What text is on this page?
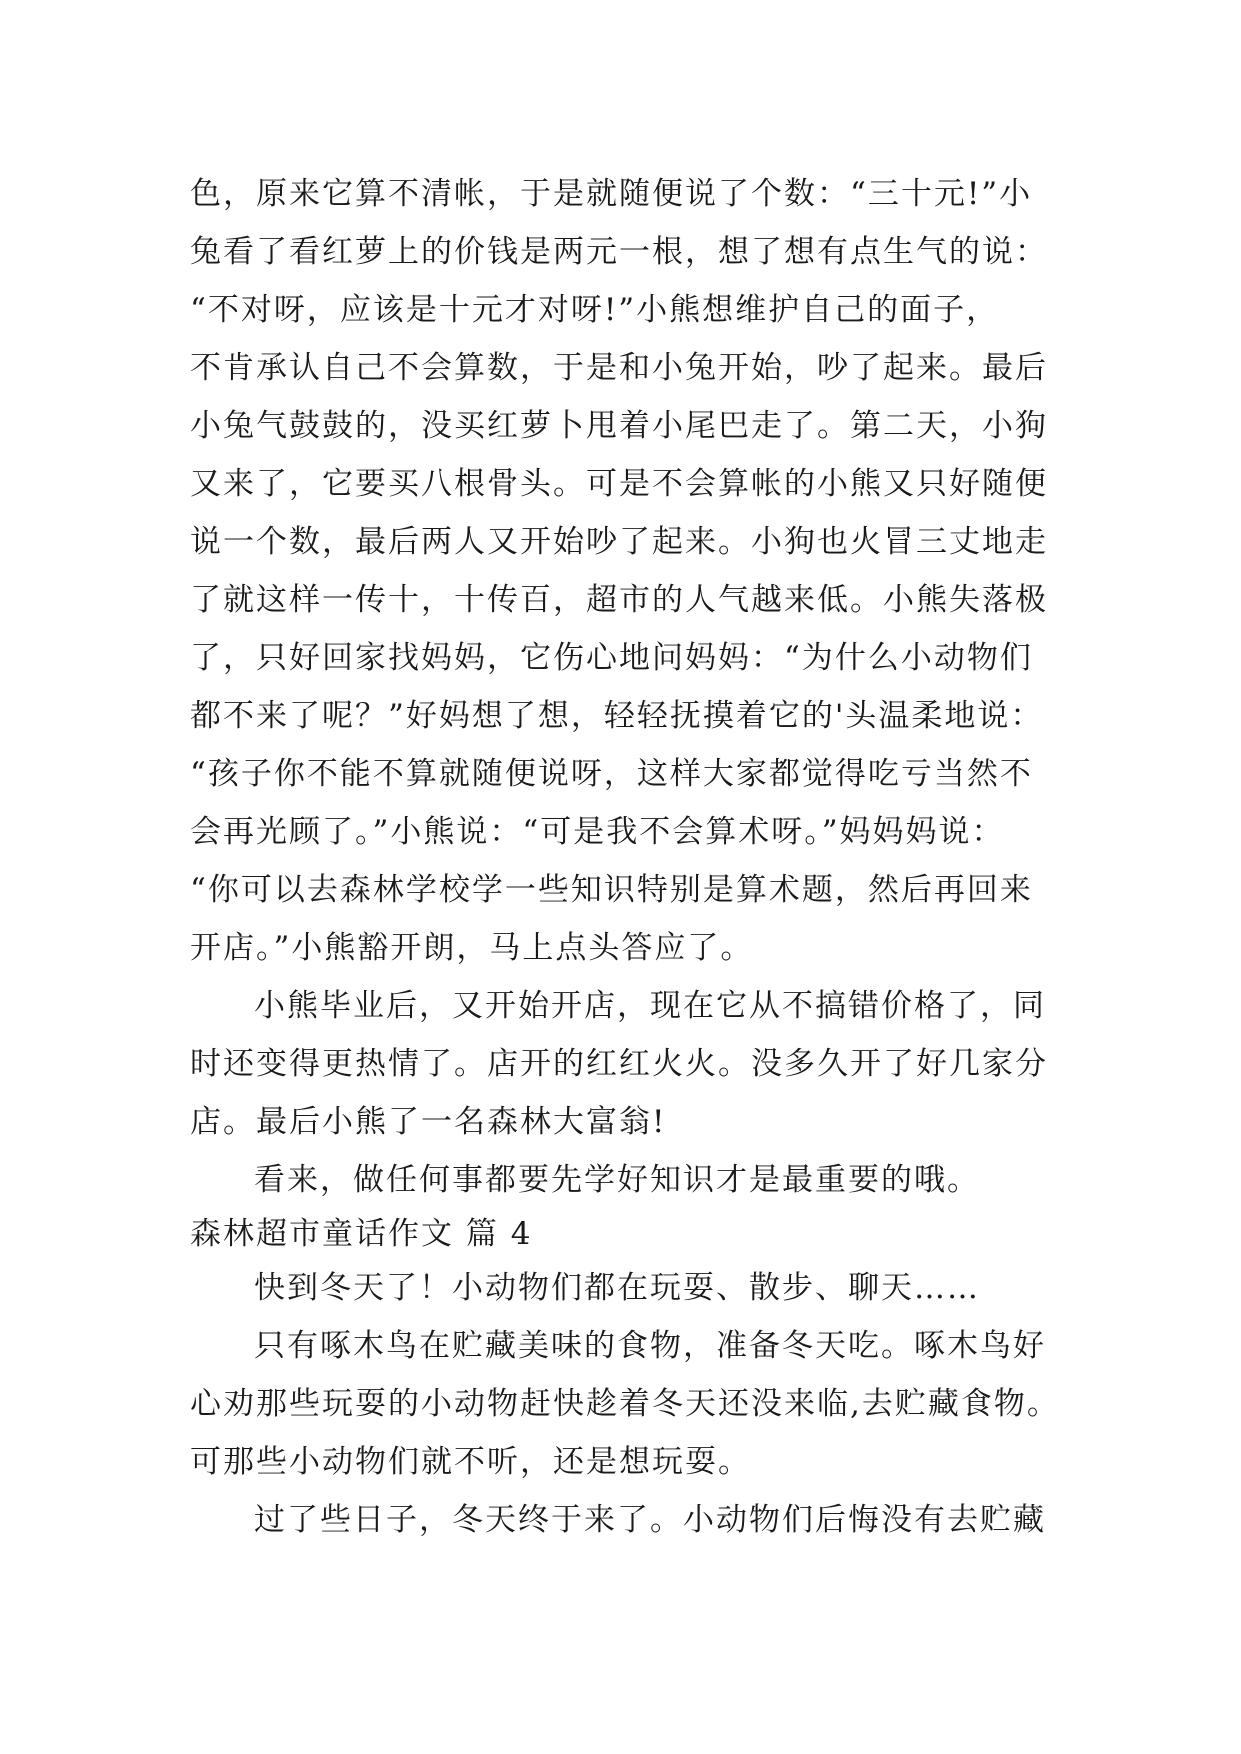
色，原来它算不清帐，于是就随便说了个数：“三十元!”小
兔看了看红萝上的价钱是两元一根，想了想有点生气的说：
“不对呀，应该是十元才对呀!”小熊想维护自己的面子，
不肯承认自己不会算数，于是和小兔开始，吵了起来。最后
小兔气鼓鼓的，没买红萝卜甩着小尾巴走了。第二天，小狗
又来了，它要买八根骨头。可是不会算帐的小熊又只好随便
说一个数，最后两人又开始吵了起来。小狗也火冒三丈地走
了就这样一传十，十传百，超市的人气越来低。小熊失落极
了，只好回家找妈妈，它伤心地问妈妈：“为什么小动物们
都不来了呢？”好妈想了想，轻轻抚摸着它的'头温柔地说：
“孩子你不能不算就随便说呀，这样大家都觉得吃亏当然不
会再光顾了。”小熊说：“可是我不会算术呀。”妈妈妈说：
“你可以去森林学校学一些知识特别是算术题，然后再回来
开店。”小熊豁开朗，马上点头答应了。
小熊毕业后，又开始开店，现在它从不搞错价格了，同
时还变得更热情了。店开的红红火火。没多久开了好几家分
店。最后小熊了一名森林大富翁!
看来，做任何事都要先学好知识才是最重要的哦。
森林超市童话作文 篇 4
快到冬天了！小动物们都在玩耍、散步、聊天……
只有啄木鸟在贮藏美味的食物，准备冬天吃。啄木鸟好
心劝那些玩耍的小动物赶快趁着冬天还没来临,去贮藏食物。
可那些小动物们就不听，还是想玩耍。
过了些日子，冬天终于来了。小动物们后悔没有去贮藏
